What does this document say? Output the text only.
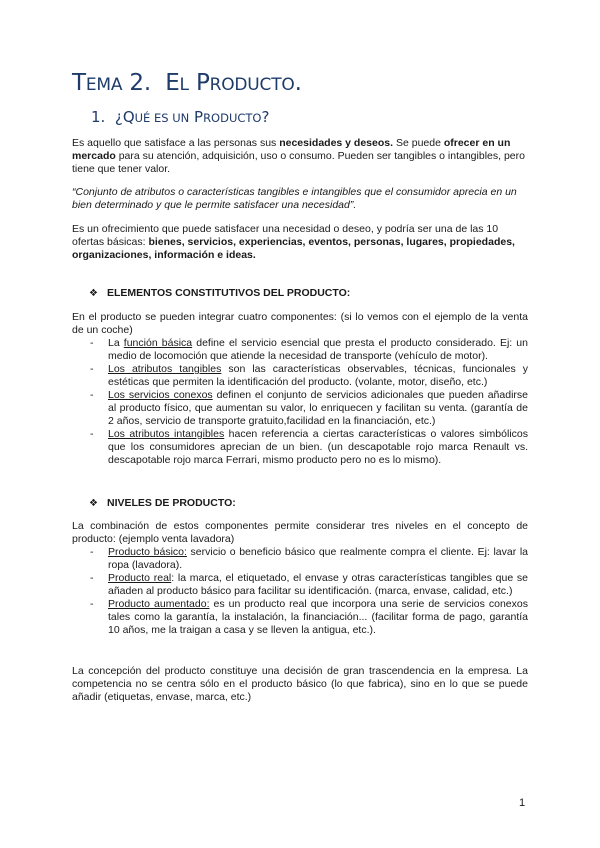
TEMA 2. EL PRODUCTO.
1. ¿QUÉ ES UN PRODUCTO?

Es aquello que satisface a las personas sus necesidades y deseos. Se puede ofrecer en un mercado para su atención, adquisición, uso o consumo. Pueden ser tangibles o intangibles, pero tiene que tener valor.

“Conjunto de atributos o características tangibles e intangibles que el consumidor aprecia en un bien determinado y que le permite satisfacer una necesidad”.

Es un ofrecimiento que puede satisfacer una necesidad o deseo, y podría ser una de las 10 ofertas básicas: bienes, servicios, experiencias, eventos, personas, lugares, propiedades, organizaciones, información e ideas.

❖ ELEMENTOS CONSTITUTIVOS DEL PRODUCTO:

En el producto se pueden integrar cuatro componentes: (si lo vemos con el ejemplo de la venta de un coche)

- La función básica define el servicio esencial que presta el producto considerado. Ej: un medio de locomoción que atiende la necesidad de transporte (vehículo de motor).
- Los atributos tangibles son las características observables, técnicas, funcionales y estéticas que permiten la identificación del producto. (volante, motor, diseño, etc.)
- Los servicios conexos definen el conjunto de servicios adicionales que pueden añadirse al producto físico, que aumentan su valor, lo enriquecen y facilitan su venta. (garantía de 2 años, servicio de transporte gratuito,facilidad en la financiación, etc.)
- Los atributos intangibles hacen referencia a ciertas características o valores simbólicos que los consumidores aprecian de un bien. (un descapotable rojo marca Renault vs. descapotable rojo marca Ferrari, mismo producto pero no es lo mismo).

❖ NIVELES DE PRODUCTO:

La combinación de estos componentes permite considerar tres niveles en el concepto de producto: (ejemplo venta lavadora)

- Producto básico: servicio o beneficio básico que realmente compra el cliente. Ej: lavar la ropa (lavadora).
- Producto real: la marca, el etiquetado, el envase y otras características tangibles que se añaden al producto básico para facilitar su identificación. (marca, envase, calidad, etc.)
- Producto aumentado: es un producto real que incorpora una serie de servicios conexos tales como la garantía, la instalación, la financiación... (facilitar forma de pago, garantía 10 años, me la traigan a casa y se lleven la antigua, etc.).

La concepción del producto constituye una decisión de gran trascendencia en la empresa. La competencia no se centra sólo en el producto básico (lo que fabrica), sino en lo que se puede añadir (etiquetas, envase, marca, etc.)

1
